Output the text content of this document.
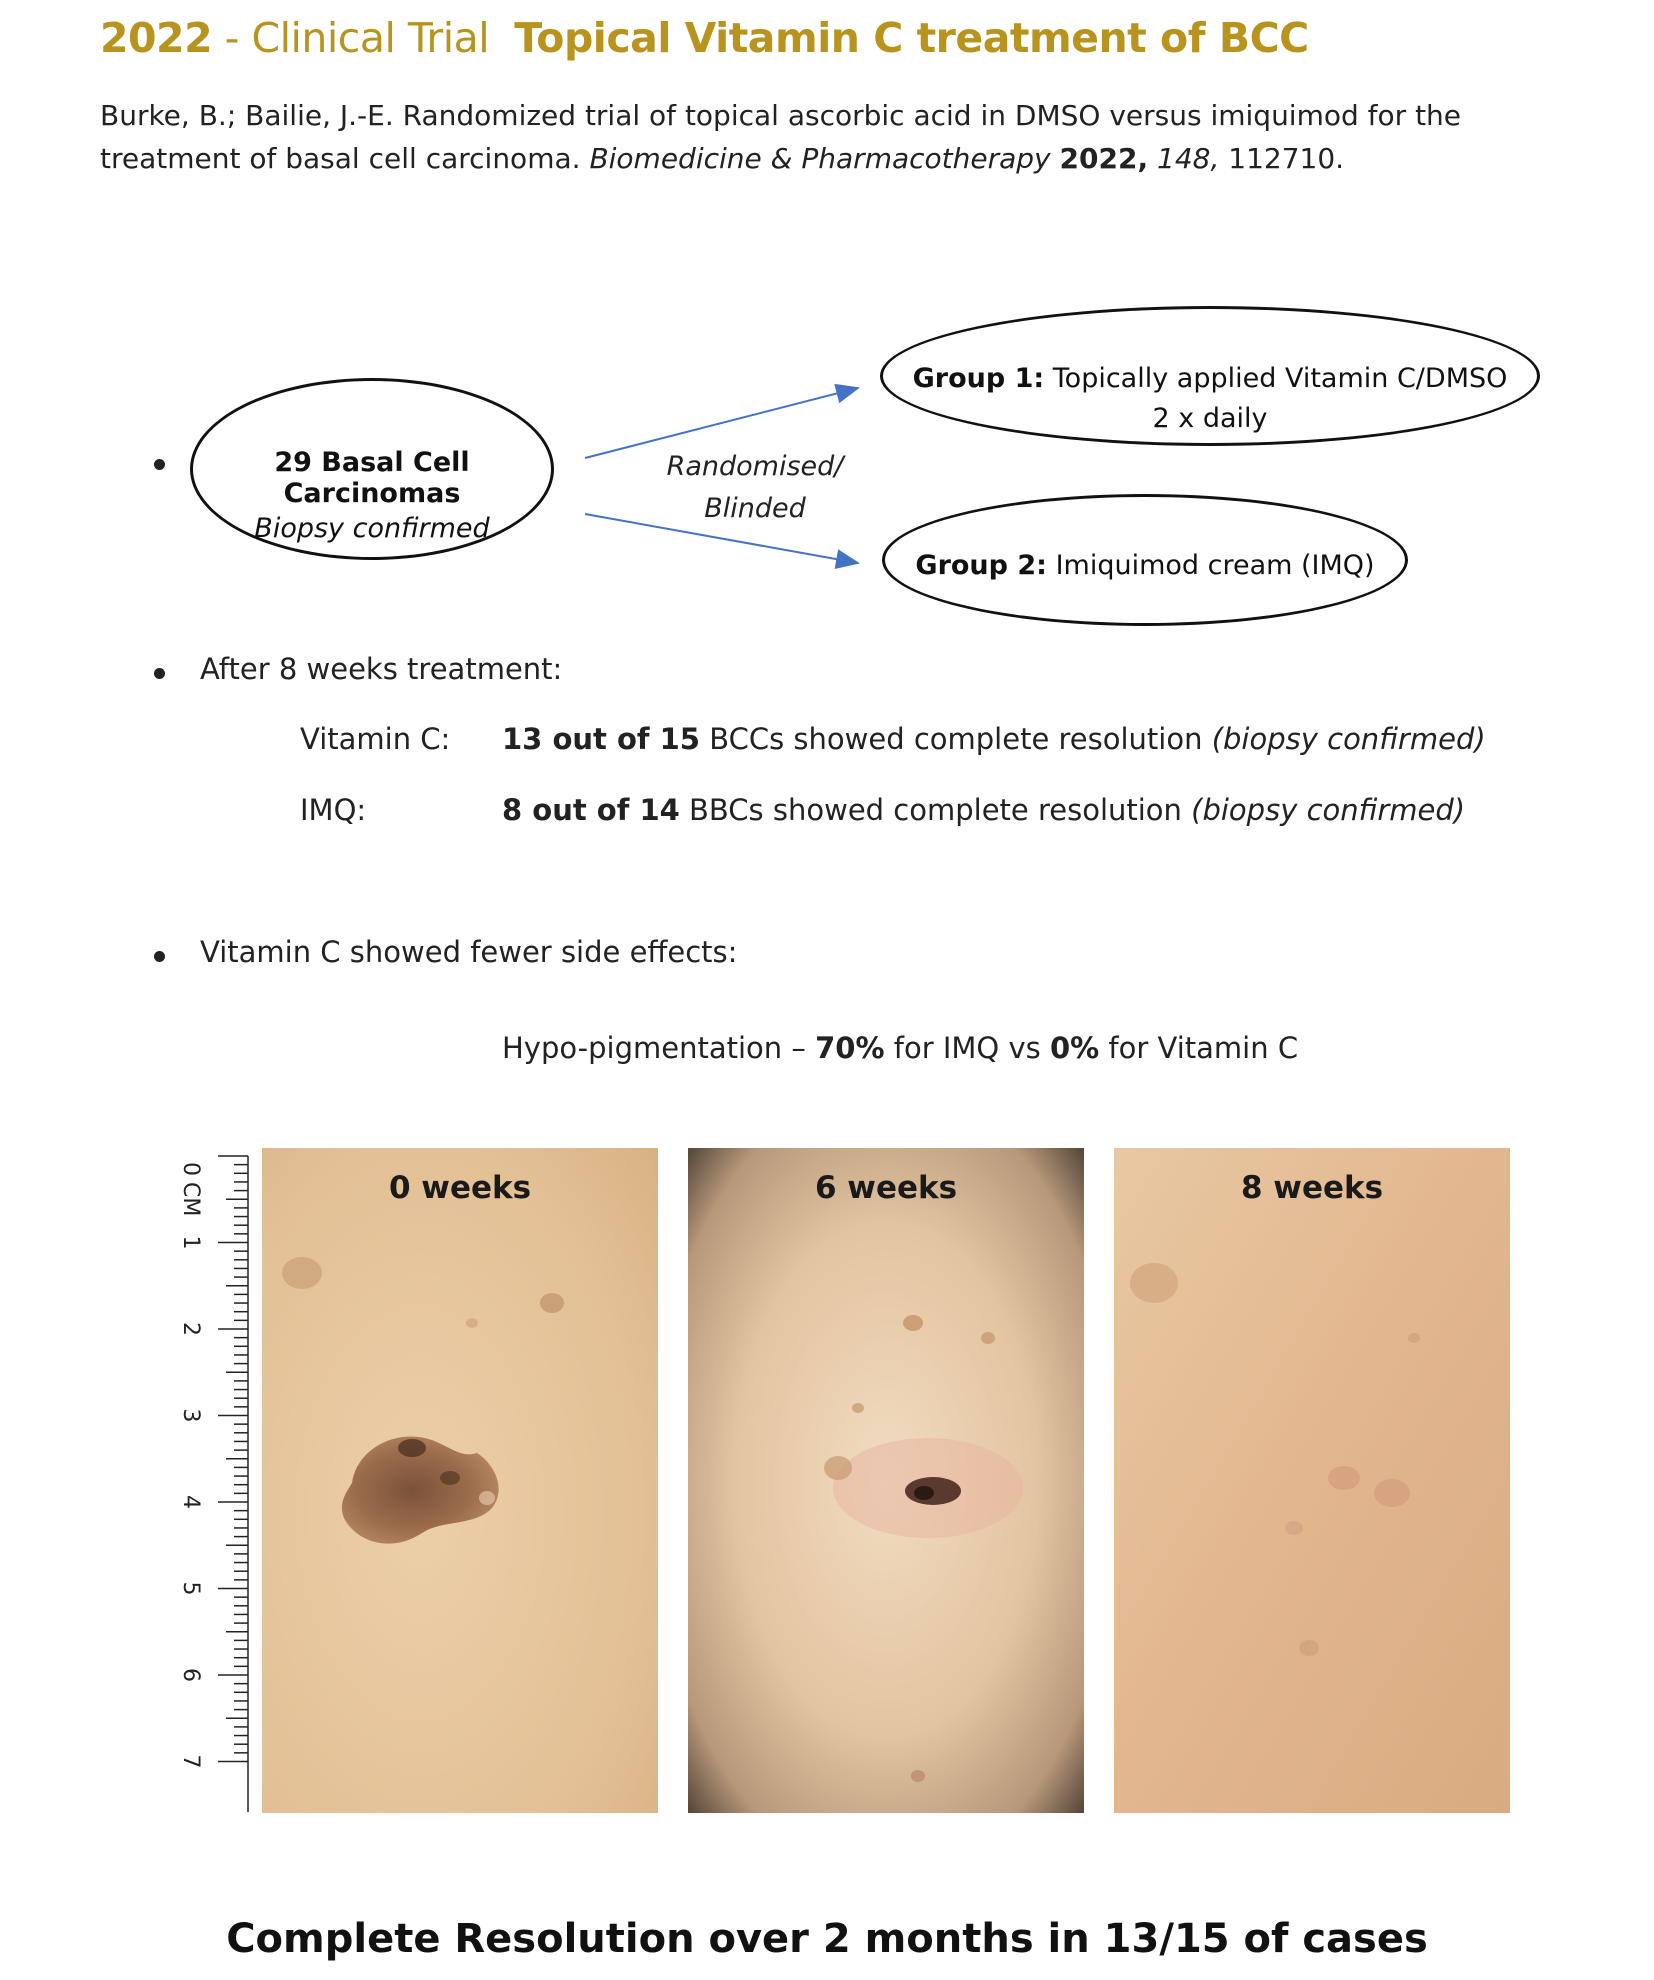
2022 - Clinical Trial Topical Vitamin C treatment of BCC
Burke, B.; Bailie, J.-E. Randomized trial of topical ascorbic acid in DMSO versus imiquimod for the treatment of basal cell carcinoma. Biomedicine & Pharmacotherapy 2022, 148, 112710.
29 Basal Cell Carcinomas
Biopsy confirmed
Randomised/
Blinded
Group 1: Topically applied Vitamin C/DMSO
2 x daily
Group 2: Imiquimod cream (IMQ)
After 8 weeks treatment:
Vitamin C: 13 out of 15 BCCs showed complete resolution (biopsy confirmed)
IMQ:	8 out of 14 BBCs showed complete resolution (biopsy confirmed)
Vitamin C showed fewer side effects:
Hypo-pigmentation – 70% for IMQ vs 0% for Vitamin C
0
1
2
3
4
5
6
7
CM	0 weeks	6 weeks	8 weeks
Complete Resolution over 2 months in 13/15 of cases
